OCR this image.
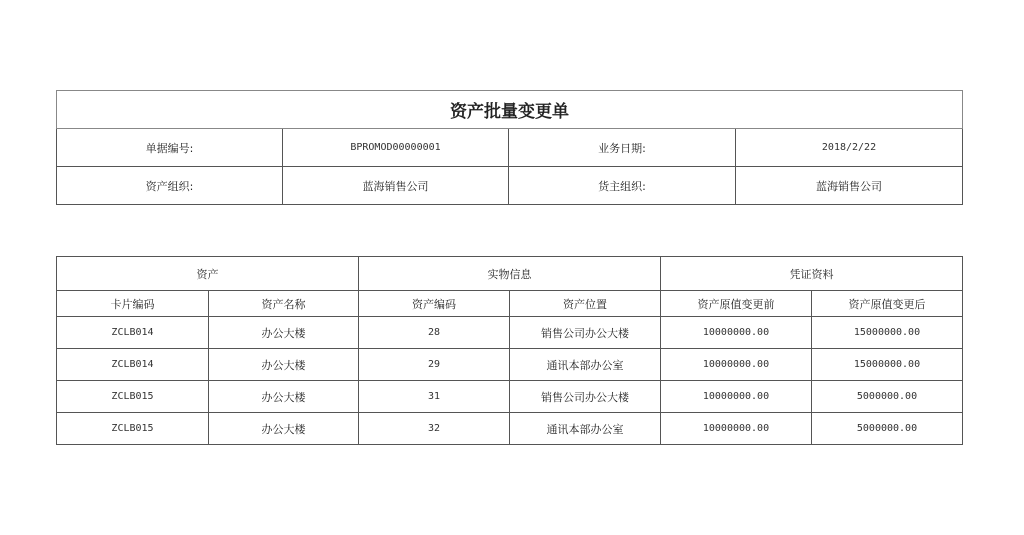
资产批量变更单			
单据编号:	BPROMOD00000001	业务日期:	2018/2/22
资产组织:	蓝海销售公司	货主组织:	蓝海销售公司
资产		实物信息		凭证资料	
卡片编码	资产名称	资产编码	资产位置	资产原值变更前	资产原值变更后
ZCLB014	办公大楼	28	销售公司办公大楼	10000000.00	15000000.00
ZCLB014	办公大楼	29	通讯本部办公室	10000000.00	15000000.00
ZCLB015	办公大楼	31	销售公司办公大楼	10000000.00	5000000.00
ZCLB015	办公大楼	32	通讯本部办公室	10000000.00	5000000.00
